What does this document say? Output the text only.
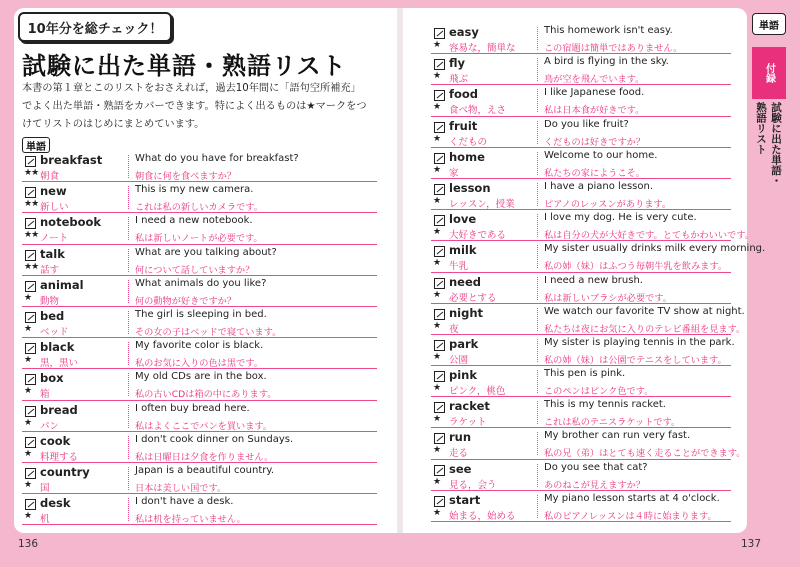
10年分を総チェック！
試験に出た単語・熟語リスト
本書の第１章とこのリストをおさえれば，過去10年間に「語句空所補充」でよく出た単語・熟語をカバーできます。特によく出るものは★マークをつけてリストのはじめにまとめています。
単語
breakfast
★★ 朝食
What do you have for breakfast?
朝食に何を食べますか？
new
★★ 新しい
This is my new camera.
これは私の新しいカメラです。
notebook
★★ ノート
I need a new notebook.
私は新しいノートが必要です。
talk
★★ 話す
What are you talking about?
何について話していますか？
animal
★ 動物
What animals do you like?
何の動物が好きですか？
bed
★ ベッド
The girl is sleeping in bed.
その女の子はベッドで寝ています。
black
★ 黒，黒い
My favorite color is black.
私のお気に入りの色は黒です。
box
★ 箱
My old CDs are in the box.
私の古いCDは箱の中にあります。
bread
★ パン
I often buy bread here.
私はよくここでパンを買います。
cook
★ 料理する
I don't cook dinner on Sundays.
私は日曜日は夕食を作りません。
country
★ 国
Japan is a beautiful country.
日本は美しい国です。
desk
★ 机
I don't have a desk.
私は机を持っていません。
easy
★ 容易な，簡単な
This homework isn't easy.
この宿題は簡単ではありません。
fly
★ 飛ぶ
A bird is flying in the sky.
鳥が空を飛んでいます。
food
★ 食べ物，えさ
I like Japanese food.
私は日本食が好きです。
fruit
★ くだもの
Do you like fruit?
くだものは好きですか？
home
★ 家
Welcome to our home.
私たちの家にようこそ。
lesson
★ レッスン，授業
I have a piano lesson.
ピアノのレッスンがあります。
love
★ 大好きである
I love my dog. He is very cute.
私は自分の犬が大好きです。とてもかわいいです。
milk
★ 牛乳
My sister usually drinks milk every morning.
私の姉（妹）はふつう毎朝牛乳を飲みます。
need
★ 必要とする
I need a new brush.
私は新しいブラシが必要です。
night
★ 夜
We watch our favorite TV show at night.
私たちは夜にお気に入りのテレビ番組を見ます。
park
★ 公園
My sister is playing tennis in the park.
私の姉（妹）は公園でテニスをしています。
pink
★ ピンク，桃色
This pen is pink.
このペンはピンク色です。
racket
★ ラケット
This is my tennis racket.
これは私のテニスラケットです。
run
★ 走る
My brother can run very fast.
私の兄（弟）はとても速く走ることができます。
see
★ 見る，会う
Do you see that cat?
あのねこが見えますか？
start
★ 始まる，始める
My piano lesson starts at 4 o'clock.
私のピアノレッスンは４時に始まります。
136	137
単語
付録
試験に出た単語・熟語リスト
